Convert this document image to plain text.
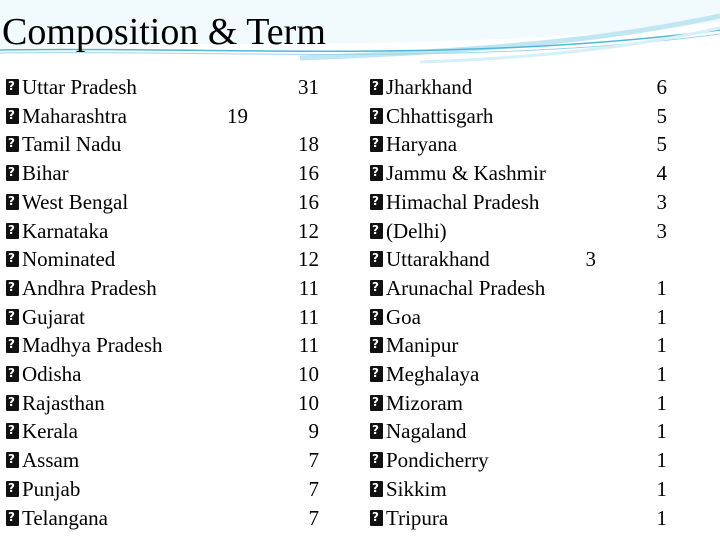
Composition & Term
?
Uttar Pradesh	31
?
Maharashtra	19
?
Tamil Nadu	18
?
Bihar	16
?
West Bengal	16
?
Karnataka	12
?
Nominated	12
?
Andhra Pradesh	11
?
Gujarat	11
?
Madhya Pradesh	11
?
Odisha	10
?
Rajasthan	10
?
Kerala	9
?
Assam	7
?
Punjab	7
?
Telangana	7
?
Jharkhand	6
?
Chhattisgarh	5
?
Haryana	5
?
Jammu & Kashmir	4
?
Himachal Pradesh	3
?
(Delhi)	3
?
Uttarakhand	3
?
Arunachal Pradesh	1
?
Goa	1
?
Manipur	1
?
Meghalaya	1
?
Mizoram	1
?
Nagaland	1
?
Pondicherry	1
?
Sikkim	1
?
Tripura	1
